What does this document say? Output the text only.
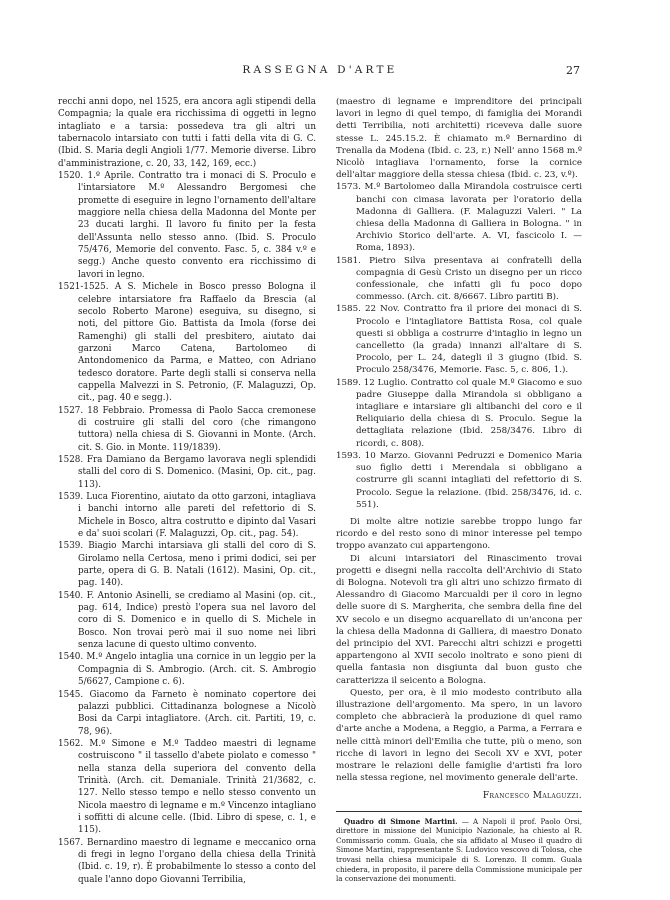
RASSEGNA D'ARTE	27

recchi anni dopo, nel 1525, era ancora agli stipendi della Compagnia; la quale era ricchissima di oggetti in legno intagliato e a tarsia: possedeva tra gli altri un tabernacolo intarsiato con tutti i fatti della vita di G. C. (Ibid. S. Maria degli Angioli 1/77. Memorie diverse. Libro d'amministrazione, c. 20, 33, 142, 169, ecc.)

1520. 1.º Aprile. Contratto tra i monaci di S. Proculo e l'intarsiatore M.º Alessandro Bergomesi che promette di eseguire in legno l'ornamento dell'altare maggiore nella chiesa della Madonna del Monte per 23 ducati larghi. Il lavoro fu finito per la festa dell'Assunta nello stesso anno. (Ibid. S. Proculo 75/476, Memorie del convento. Fasc. 5, c. 384 v.º e segg.) Anche questo convento era ricchissimo di lavori in legno.

1521-1525. A S. Michele in Bosco presso Bologna il celebre intarsiatore fra Raffaelo da Brescia (al secolo Roberto Marone) eseguiva, su disegno, si noti, del pittore Gio. Battista da Imola (forse dei Ramenghi) gli stalli del presbitero, aiutato dai garzoni Marco Catena, Bartolomeo di Antondomenico da Parma, e Matteo, con Adriano tedesco doratore. Parte degli stalli si conserva nella cappella Malvezzi in S. Petronio, (F. Malaguzzi, Op. cit., pag. 40 e segg.).

1527. 18 Febbraio. Promessa di Paolo Sacca cremonese di costruire gli stalli del coro (che rimangono tuttora) nella chiesa di S. Giovanni in Monte. (Arch. cit. S. Gio. in Monte. 119/1839).

1528. Fra Damiano da Bergamo lavorava negli splendidi stalli del coro di S. Domenico. (Masini, Op. cit., pag. 113).

1539. Luca Fiorentino, aiutato da otto garzoni, intagliava i banchi intorno alle pareti del refettorio di S. Michele in Bosco, altra costrutto e dipinto dal Vasari e da' suoi scolari (F. Malaguzzi, Op. cit., pag. 54).

1539. Biagio Marchi intarsiava gli stalli del coro di S. Girolamo nella Certosa, meno i primi dodici, sei per parte, opera di G. B. Natali (1612). Masini, Op. cit., pag. 140).

1540. F. Antonio Asinelli, se crediamo al Masini (op. cit., pag. 614, Indice) prestò l'opera sua nel lavoro del coro di S. Domenico e in quello di S. Michele in Bosco. Non trovai però mai il suo nome nei libri senza lacune di questo ultimo convento.

1540. M.º Angelo intaglia una cornice in un leggio per la Compagnia di S. Ambrogio. (Arch. cit. S. Ambrogio 5/6627, Campione c. 6).

1545. Giacomo da Farneto è nominato copertore dei palazzi pubblici. Cittadinanza bolognese a Nicolò Bosi da Carpi intagliatore. (Arch. cit. Partiti, 19, c. 78, 96).

1562. M.º Simone e M.º Taddeo maestri di legname costruiscono " il tassello d'abete piolato e comesso " nella stanza della superiora del convento della Trinità. (Arch. cit. Demaniale. Trinità 21/3682, c. 127. Nello stesso tempo e nello stesso convento un Nicola maestro di legname e m.º Vincenzo intagliano i soffitti di alcune celle. (Ibid. Libro di spese, c. 1, e 115).

1567. Bernardino maestro di legname e meccanico orna di fregi in legno l'organo della chiesa della Trinità (Ibid. c. 19, r). È probabilmente lo stesso a conto del quale l'anno dopo Giovanni Terribilia,

(maestro di legname e imprenditore dei principali lavori in legno di quel tempo, di famiglia dei Morandi detti Terribilia, noti architetti) riceveva dalle suore stesse L. 245.15.2. È chiamato m.º Bernardino di Trenalla da Modena (Ibid. c. 23, r.) Nell' anno 1568 m.º Nicolò intagliava l'ornamento, forse la cornice dell'altar maggiore della stessa chiesa (Ibid. c. 23, v.º).

1573. M.º Bartolomeo dalla Mirandola costruisce certi banchi con cimasa lavorata per l'oratorio della Madonna di Galliera. (F. Malaguzzi Valeri. " La chiesa della Madonna di Galliera in Bologna. " in Archivio Storico dell'arte. A. VI, fascicolo I. — Roma, 1893).

1581. Pietro Silva presentava ai confratelli della compagnia di Gesù Cristo un disegno per un ricco confessionale, che infatti gli fu poco dopo commesso. (Arch. cit. 8/6667. Libro partiti B).

1585. 22 Nov. Contratto fra il priore dei monaci di S. Procolo e l'intagliatore Battista Rosa, col quale questi si obbliga a costrurre d'intaglio in legno un cancelletto (la grada) innanzi all'altare di S. Procolo, per L. 24, dategli il 3 giugno (Ibid. S. Proculo 258/3476, Memorie. Fasc. 5, c. 806, 1.).

1589. 12 Luglio. Contratto col quale M.º Giacomo e suo padre Giuseppe dalla Mirandola si obbligano a intagliare e intarsiare gli altibanchi del coro e il Reliquiario della chiesa di S. Proculo. Segue la dettagliata relazione (Ibid. 258/3476. Libro di ricordi, c. 808).

1593. 10 Marzo. Giovanni Pedruzzi e Domenico Maria suo figlio detti i Merendala si obbligano a costrurre gli scanni intagliati del refettorio di S. Procolo. Segue la relazione. (Ibid. 258/3476, id. c. 551).

Di molte altre notizie sarebbe troppo lungo far ricordo e del resto sono di minor interesse pel tempo troppo avanzato cui appartengono.

Di alcuni intarsiatori del Rinascimento trovai progetti e disegni nella raccolta dell'Archivio di Stato di Bologna. Notevoli tra gli altri uno schizzo firmato di Alessandro di Giacomo Marcualdi per il coro in legno delle suore di S. Margherita, che sembra della fine del XV secolo e un disegno acquarellato di un'ancona per la chiesa della Madonna di Galliera, di maestro Donato del principio del XVI. Parecchi altri schizzi e progetti appartengono al XVII secolo inoltrato e sono pieni di quella fantasia non disgiunta dal buon gusto che caratterizza il seicento a Bologna.

Questo, per ora, è il mio modesto contributo alla illustrazione dell'argomento. Ma spero, in un lavoro completo che abbracierà la produzione di quel ramo d'arte anche a Modena, a Reggio, a Parma, a Ferrara e nelle città minori dell'Emilia che tutte, più o meno, son ricche di lavori in legno dei Secoli XV e XVI, poter mostrare le relazioni delle famiglie d'artisti fra loro nella stessa regione, nel movimento generale dell'arte.

Francesco Malaguzzi.

Quadro di Simone Martini. — A Napoli il prof. Paolo Orsi, direttore in missione del Municipio Nazionale, ha chiesto al R. Commissario comm. Guala, che sia affidato al Museo il quadro di Simone Martini, rappresentante S. Ludovico vescovo di Tolosa, che trovasi nella chiesa municipale di S. Lorenzo. Il comm. Guala chiedera, in proposito, il parere della Commissione municipale per la conservazione dei monumenti.
